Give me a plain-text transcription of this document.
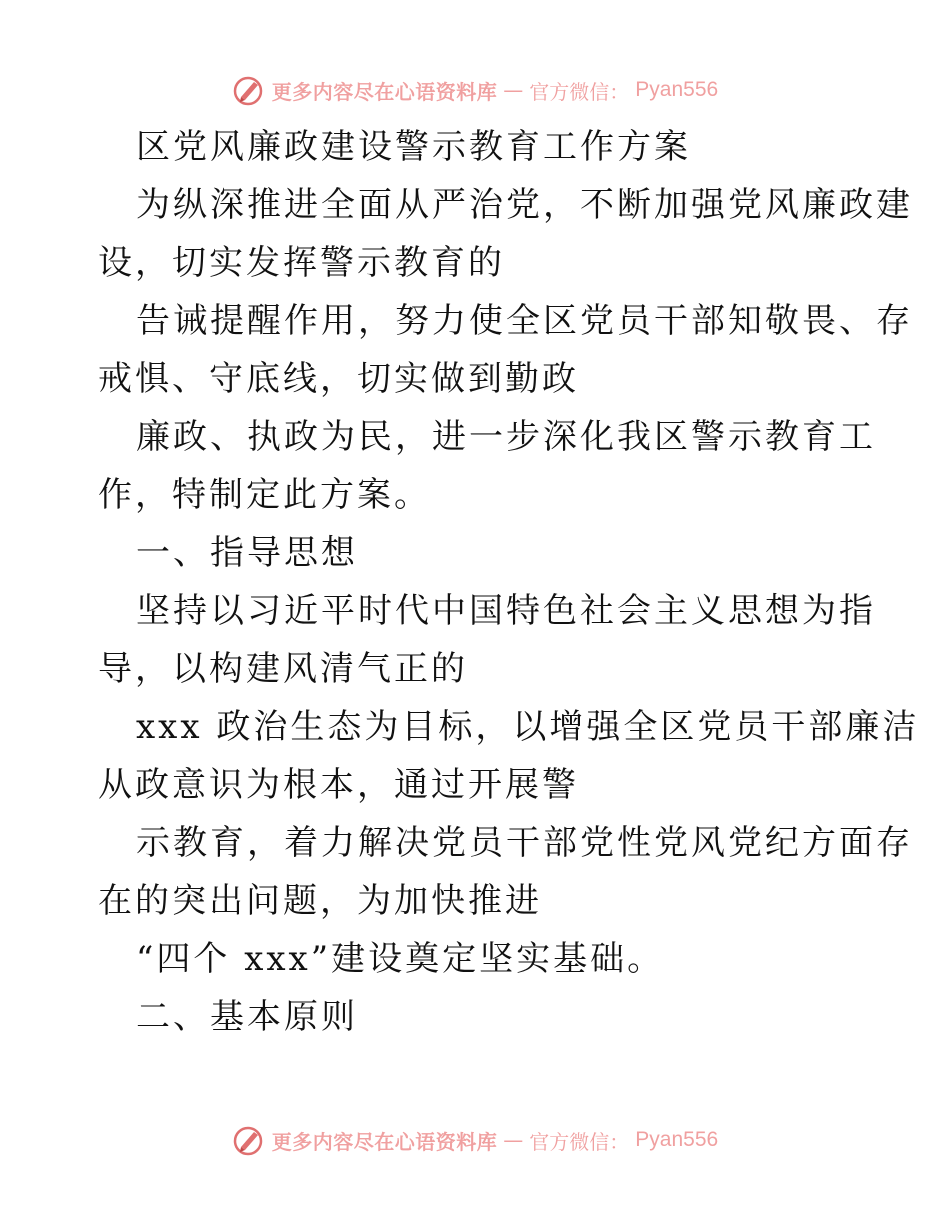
更多内容尽在心语资料库 — 官方微信： Pyan556
区党风廉政建设警示教育工作方案
为纵深推进全面从严治党，不断加强党风廉政建
设，切实发挥警示教育的
告诫提醒作用，努力使全区党员干部知敬畏、存
戒惧、守底线，切实做到勤政
廉政、执政为民，进一步深化我区警示教育工
作，特制定此方案。
一、指导思想
坚持以习近平时代中国特色社会主义思想为指
导，以构建风清气正的
xxx 政治生态为目标，以增强全区党员干部廉洁
从政意识为根本，通过开展警
示教育，着力解决党员干部党性党风党纪方面存
在的突出问题，为加快推进
“四个 xxx”建设奠定坚实基础。
二、基本原则
更多内容尽在心语资料库 — 官方微信： Pyan556
